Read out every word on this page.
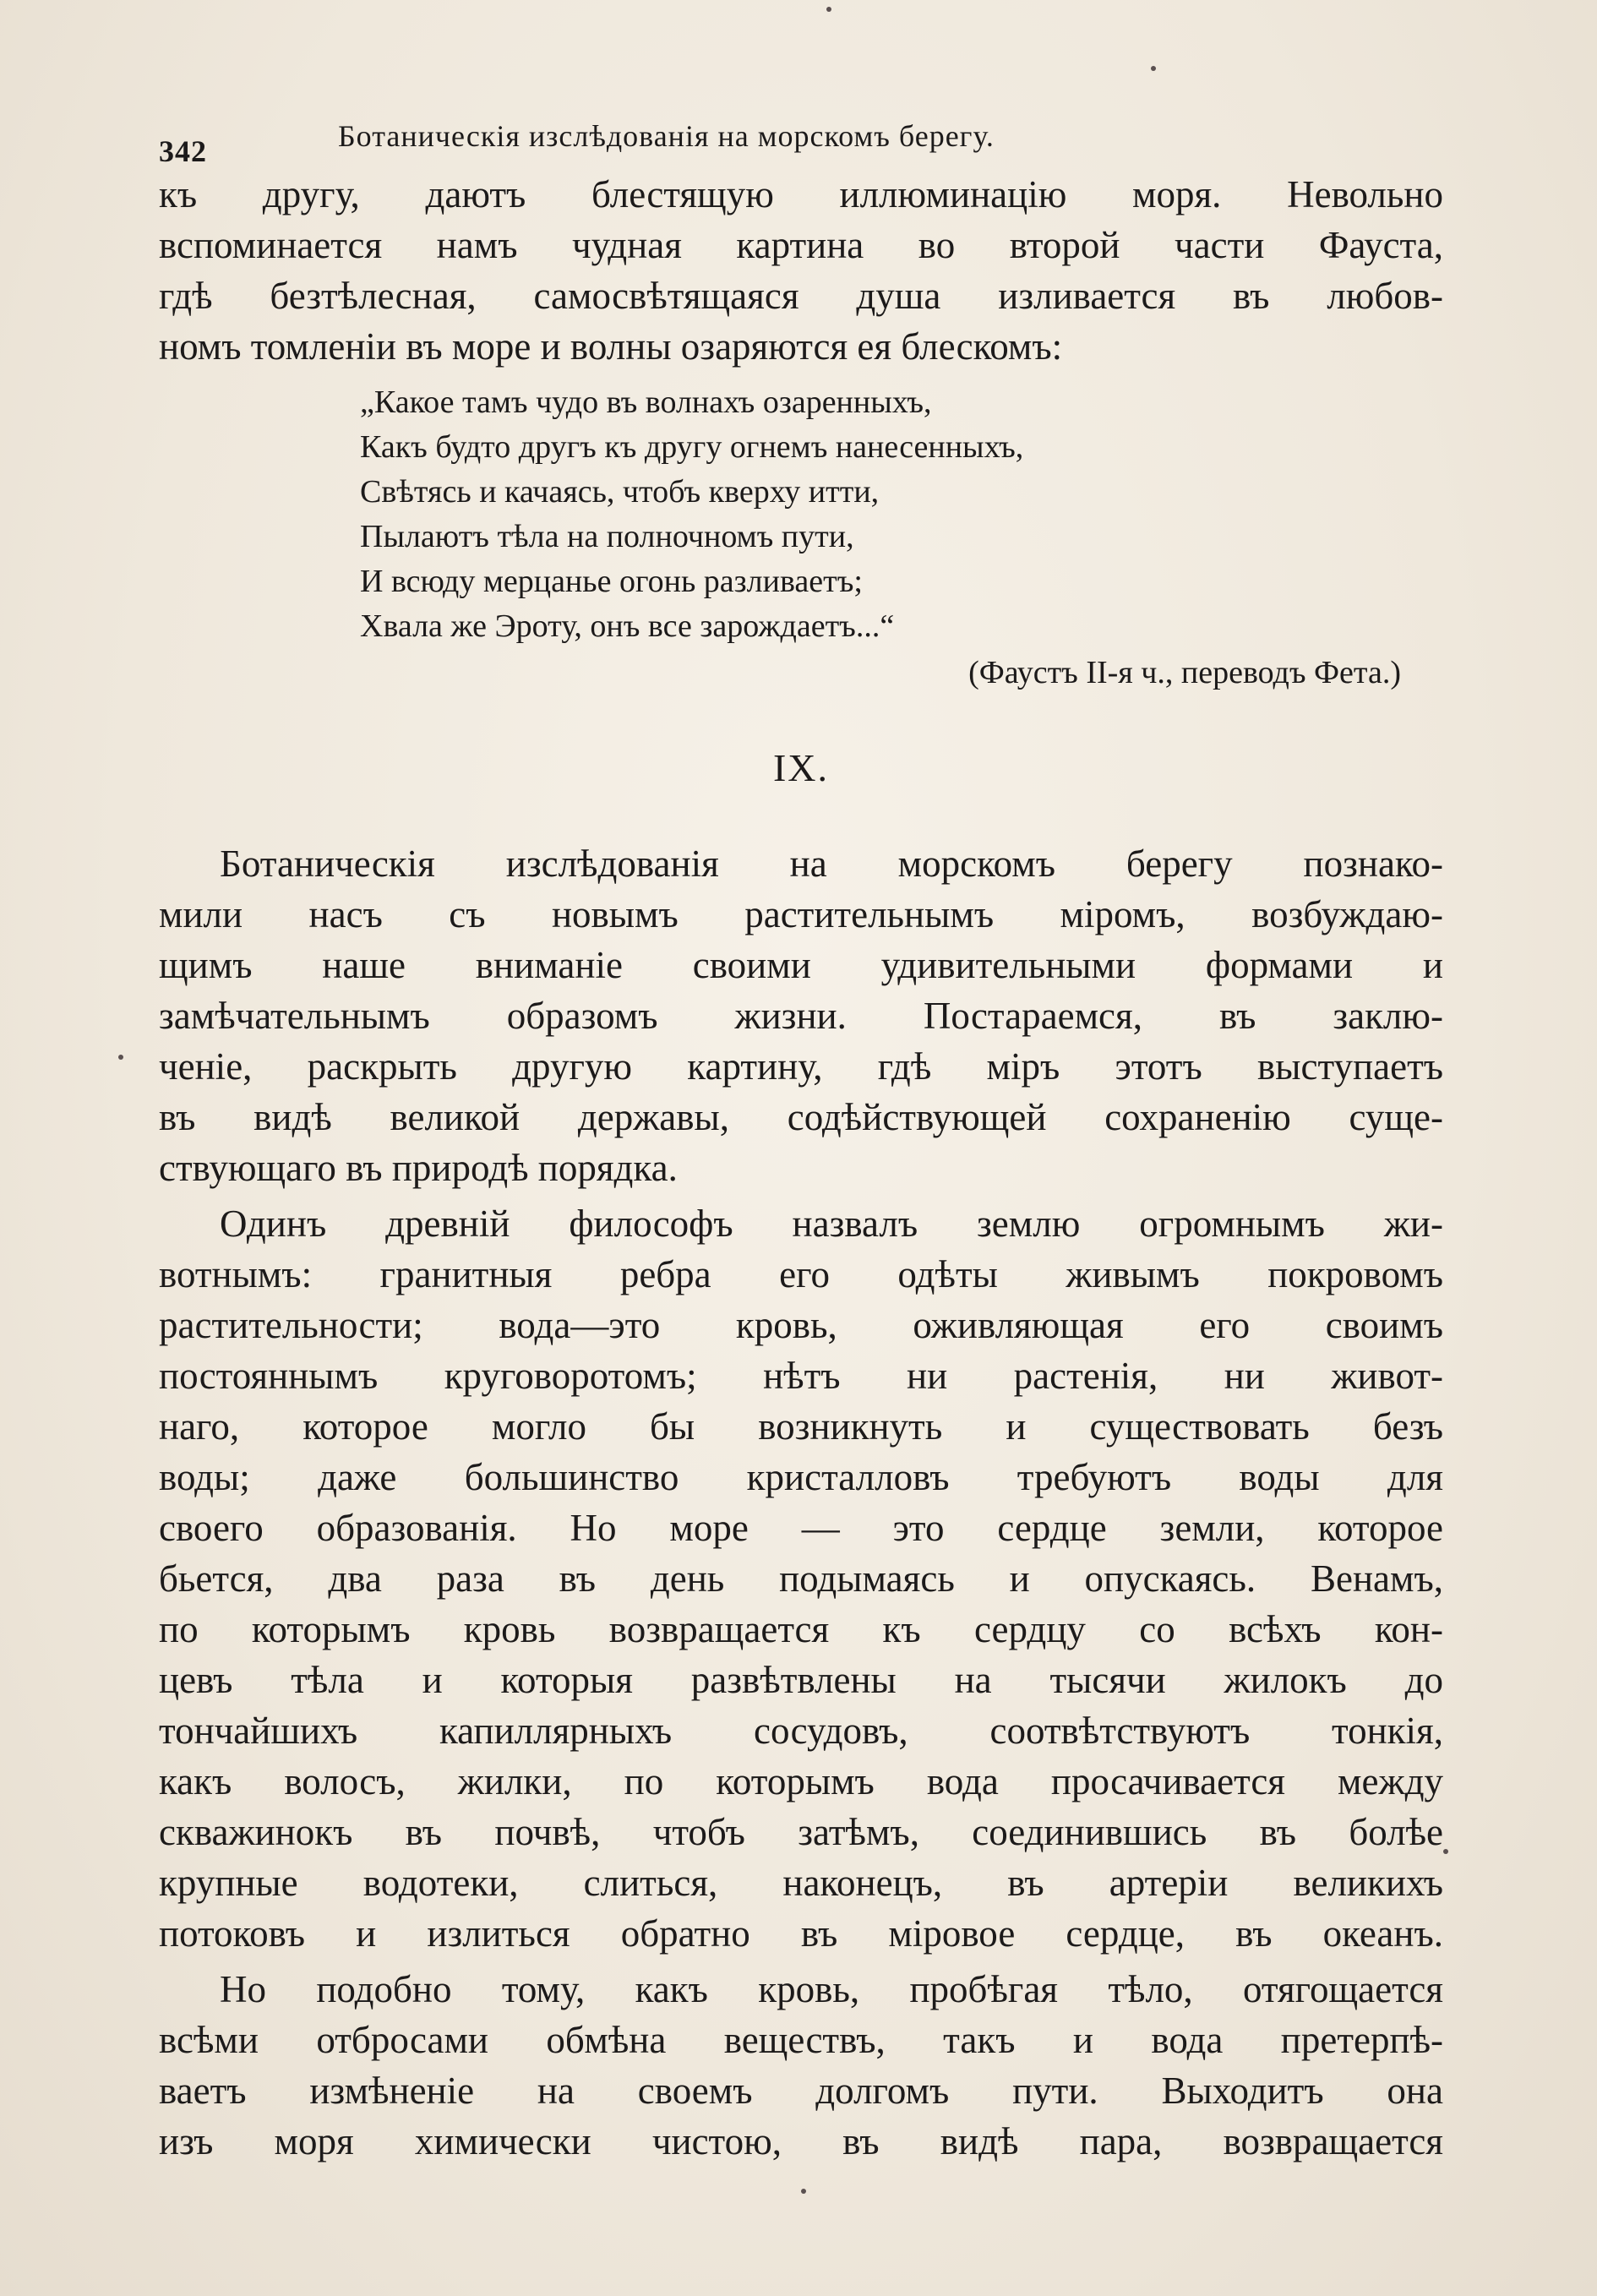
342	Ботаническія изслѣдованія на морскомъ берегу.
къ другу, даютъ блестящую иллюминацію моря. Невольно
вспоминается намъ чудная картина во второй части Фауста,
гдѣ безтѣлесная, самосвѣтящаяся душа изливается въ любов-
номъ томленіи въ море и волны озаряются ея блескомъ:
„Какое тамъ чудо въ волнахъ озаренныхъ,
Какъ будто другъ къ другу огнемъ нанесенныхъ,
Свѣтясь и качаясь, чтобъ кверху итти,
Пылаютъ тѣла на полночномъ пути,
И всюду мерцанье огонь разливаетъ;
Хвала же Эроту, онъ все зарождаетъ...“
(Фаустъ II-я ч., переводъ Фета.)
IX.
Ботаническія изслѣдованія на морскомъ берегу познако-
мили насъ съ новымъ растительнымъ міромъ, возбуждаю-
щимъ наше вниманіе своими удивительными формами и
замѣчательнымъ образомъ жизни. Постараемся, въ заклю-
ченіе, раскрыть другую картину, гдѣ міръ этотъ выступаетъ
въ видѣ великой державы, содѣйствующей сохраненію суще-
ствующаго въ природѣ порядка.
Одинъ древній философъ назвалъ землю огромнымъ жи-
вотнымъ: гранитныя ребра его одѣты живымъ покровомъ
растительности; вода—это кровь, оживляющая его своимъ
постояннымъ круговоротомъ; нѣтъ ни растенія, ни живот-
наго, которое могло бы возникнуть и существовать безъ
воды; даже большинство кристалловъ требуютъ воды для
своего образованія. Но море — это сердце земли, которое
бьется, два раза въ день подымаясь и опускаясь. Венамъ,
по которымъ кровь возвращается къ сердцу со всѣхъ кон-
цевъ тѣла и которыя развѣтвлены на тысячи жилокъ до
тончайшихъ капиллярныхъ сосудовъ, соотвѣтствуютъ тонкія,
какъ волосъ, жилки, по которымъ вода просачивается между
скважинокъ въ почвѣ, чтобъ затѣмъ, соединившись въ болѣе
крупные водотеки, слиться, наконецъ, въ артеріи великихъ
потоковъ и излиться обратно въ міровое сердце, въ океанъ.
Но подобно тому, какъ кровь, пробѣгая тѣло, отягощается
всѣми отбросами обмѣна веществъ, такъ и вода претерпѣ-
ваетъ измѣненіе на своемъ долгомъ пути. Выходитъ она
изъ моря химически чистою, въ видѣ пара, возвращается
